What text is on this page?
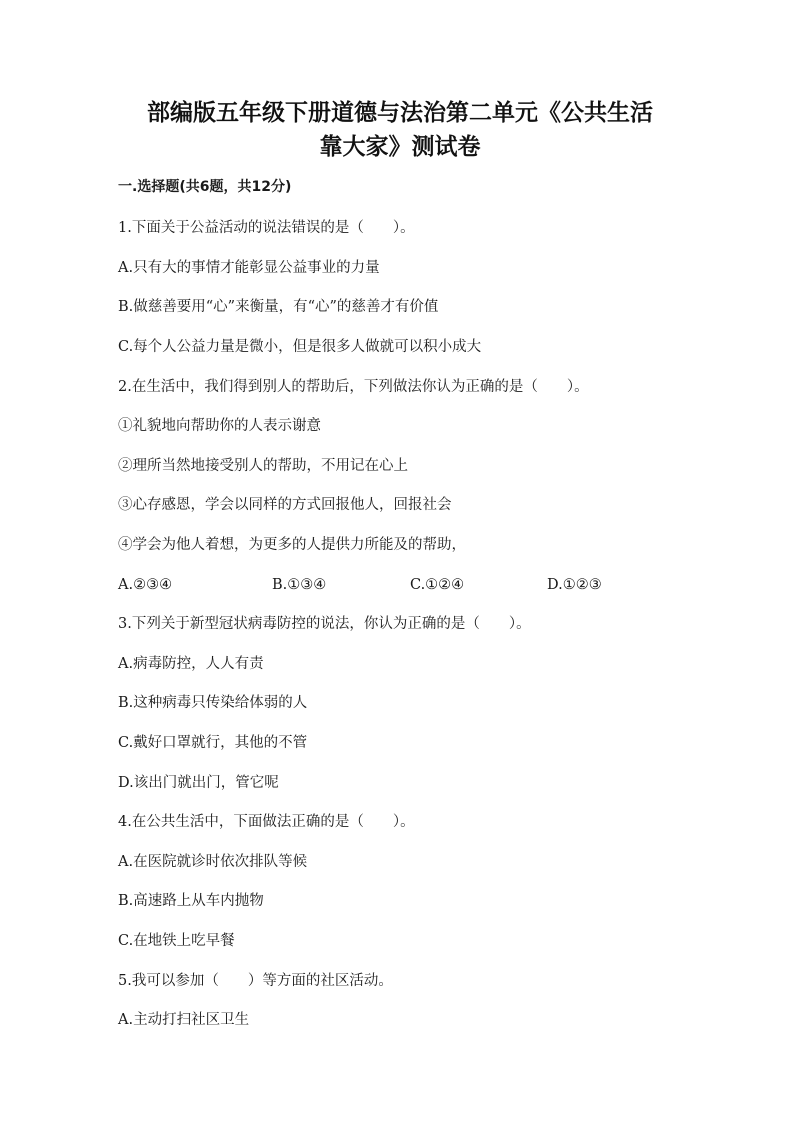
部编版五年级下册道德与法治第二单元《公共生活
靠大家》测试卷
一.选择题(共6题，共12分)
1.下面关于公益活动的说法错误的是（　　）。
A.只有大的事情才能彰显公益事业的力量
B.做慈善要用“心”来衡量，有“心”的慈善才有价值
C.每个人公益力量是微小，但是很多人做就可以积小成大
2.在生活中，我们得到别人的帮助后，下列做法你认为正确的是（　　）。
①礼貌地向帮助你的人表示谢意
②理所当然地接受别人的帮助，不用记在心上
③心存感恩，学会以同样的方式回报他人，回报社会
④学会为他人着想，为更多的人提供力所能及的帮助，
A.②③④	B.①③④	C.①②④	D.①②③
3.下列关于新型冠状病毒防控的说法，你认为正确的是（　　）。
A.病毒防控，人人有责
B.这种病毒只传染给体弱的人
C.戴好口罩就行，其他的不管
D.该出门就出门，管它呢
4.在公共生活中，下面做法正确的是（　　）。
A.在医院就诊时依次排队等候
B.高速路上从车内抛物
C.在地铁上吃早餐
5.我可以参加（　　）等方面的社区活动。
A.主动打扫社区卫生
